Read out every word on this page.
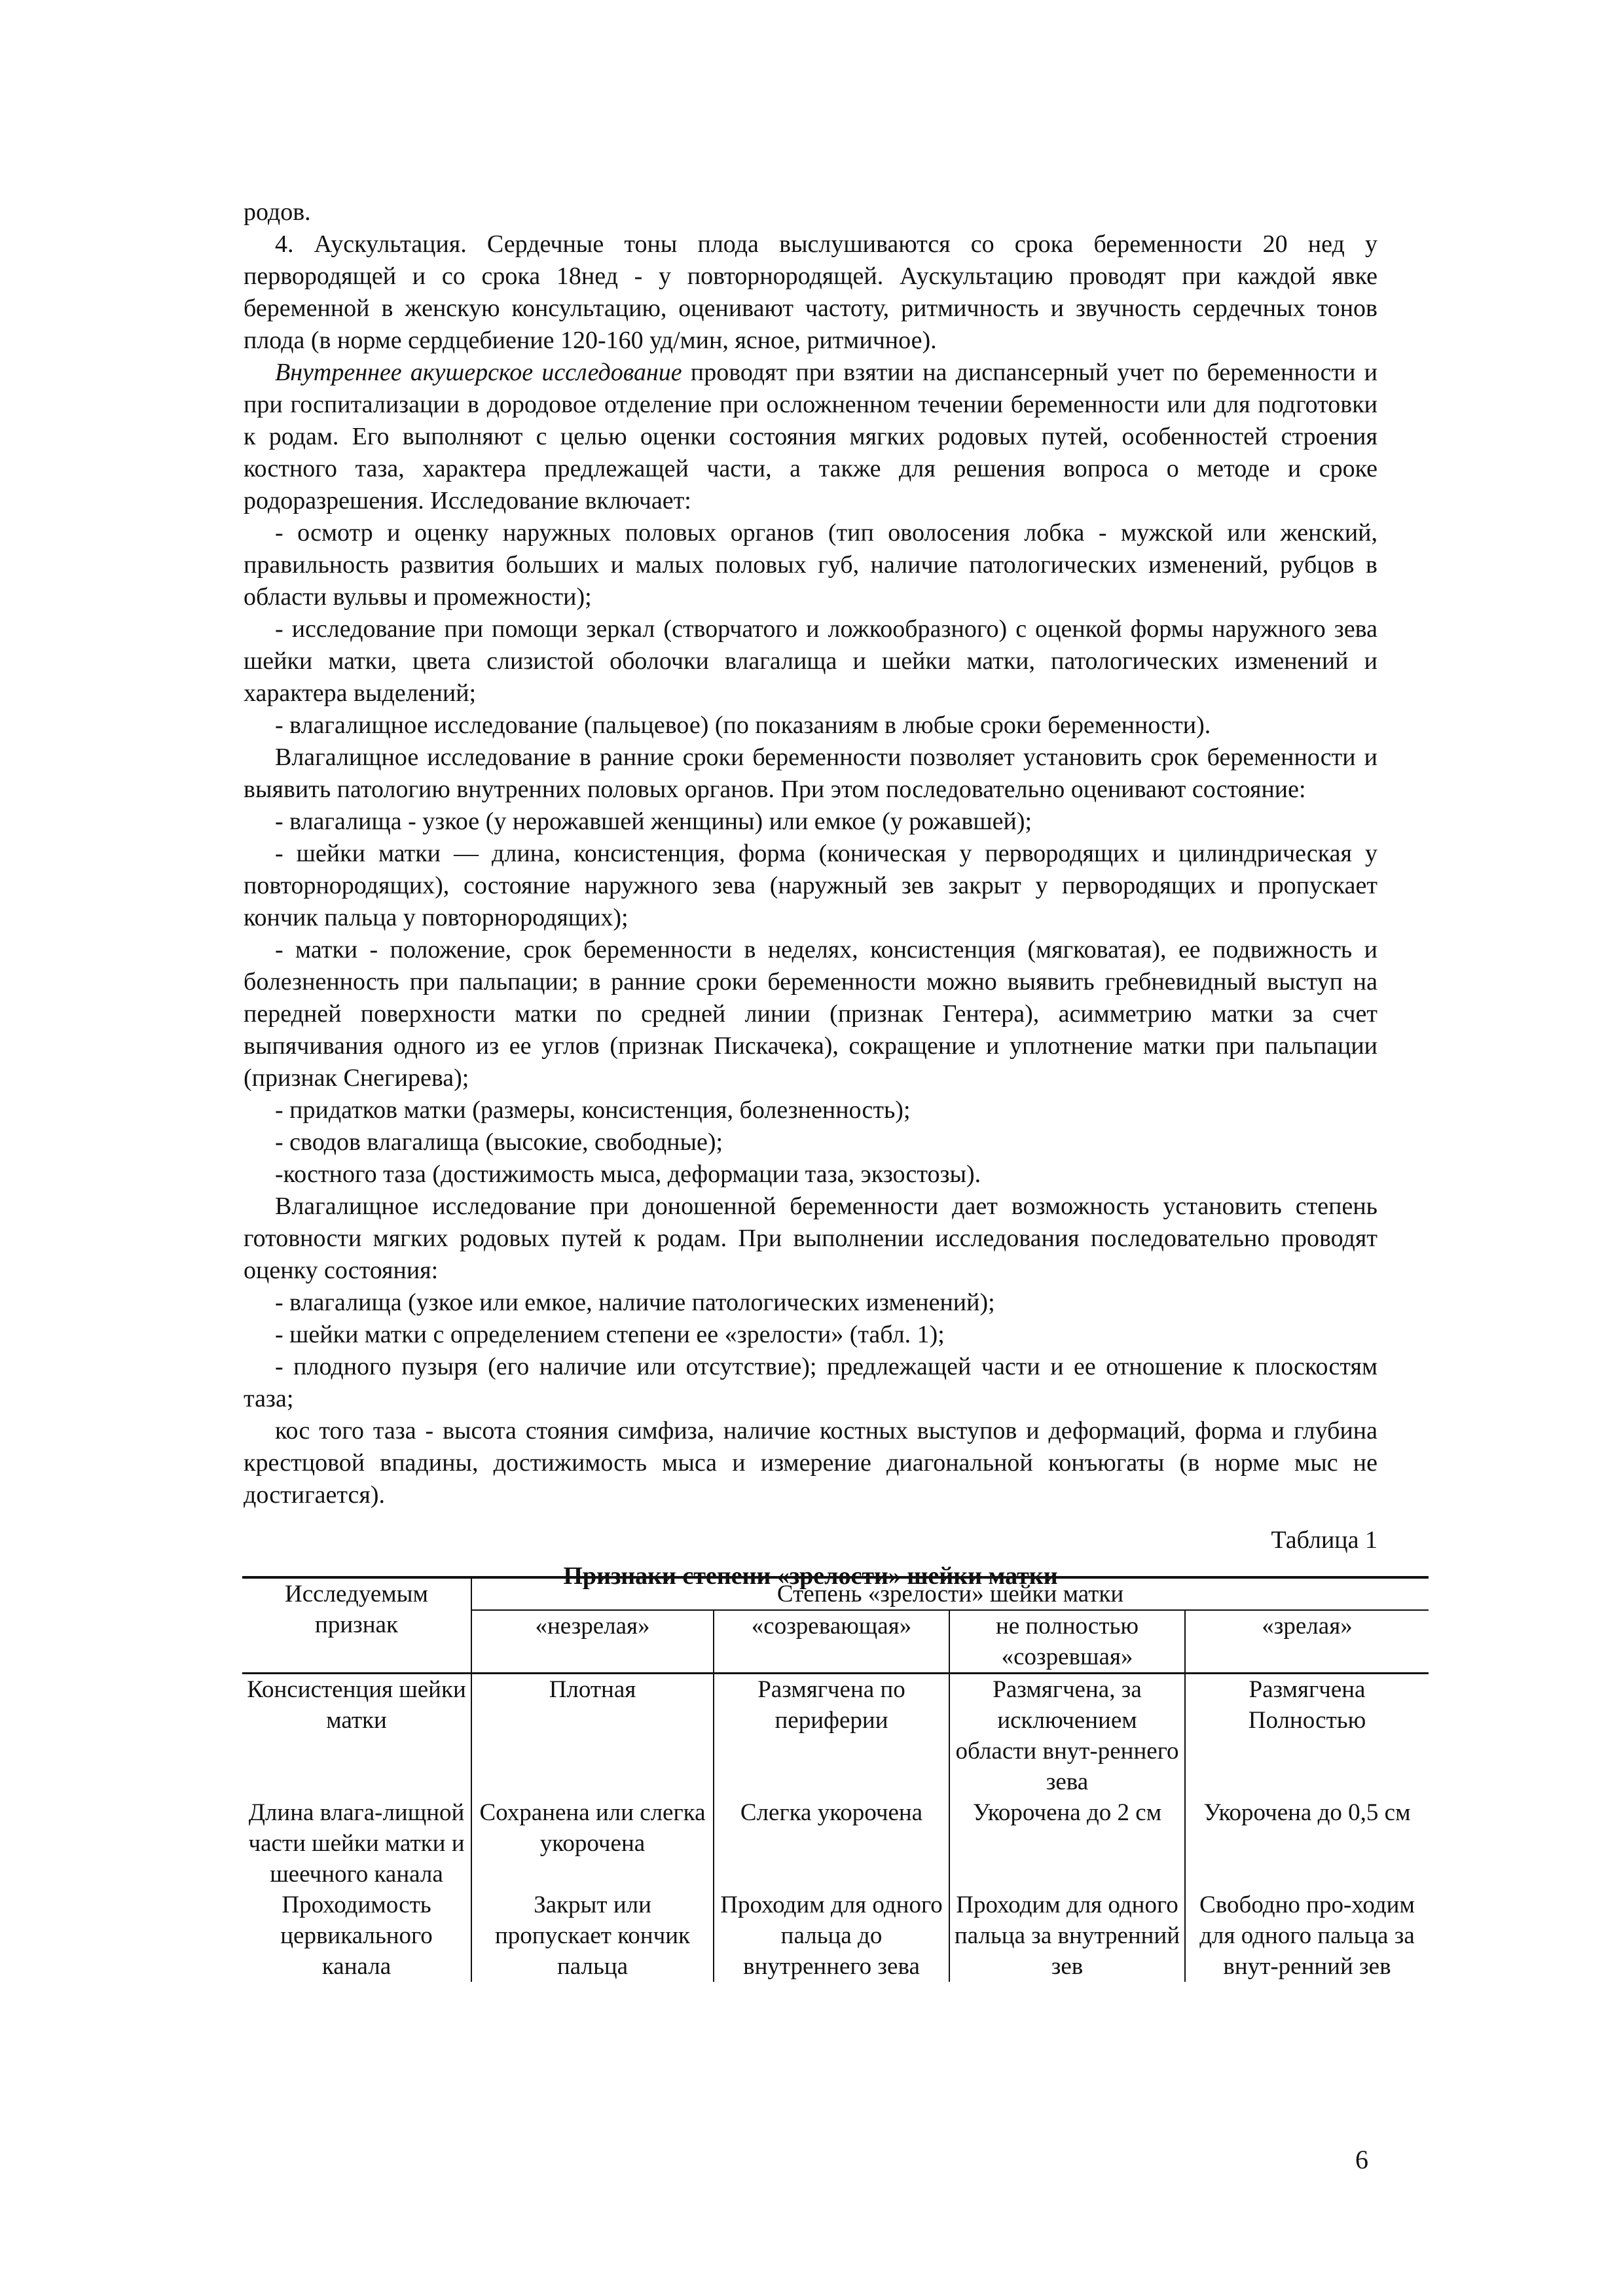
родов.

4. Аускультация. Сердечные тоны плода выслушиваются со срока беременности 20 нед у первородящей и со срока 18нед - у повторнородящей. Аускультацию проводят при каждой явке беременной в женскую консультацию, оценивают частоту, ритмичность и звучность сердечных тонов плода (в норме сердцебиение 120-160 уд/мин, ясное, ритмичное).

Внутреннее акушерское исследование проводят при взятии на диспансерный учет по беременности и при госпитализации в дородовое отделение при осложненном течении беременности или для подготовки к родам. Его выполняют с целью оценки состояния мягких родовых путей, особенностей строения костного таза, характера предлежащей части, а также для решения вопроса о методе и сроке родоразрешения. Исследование включает:

- осмотр и оценку наружных половых органов (тип оволосения лобка - мужской или женский, правильность развития больших и малых половых губ, наличие патологических изменений, рубцов в области вульвы и промежности);

- исследование при помощи зеркал (створчатого и ложкообразного) с оценкой формы наружного зева шейки матки, цвета слизистой оболочки влагалища и шейки матки, патологических изменений и характера выделений;

- влагалищное исследование (пальцевое) (по показаниям в любые сроки беременности).

Влагалищное исследование в ранние сроки беременности позволяет установить срок беременности и выявить патологию внутренних половых органов. При этом последовательно оценивают состояние:

- влагалища - узкое (у нерожавшей женщины) или емкое (у рожавшей);

- шейки матки — длина, консистенция, форма (коническая у первородящих и цилиндрическая у повторнородящих), состояние наружного зева (наружный зев закрыт у первородящих и пропускает кончик пальца у повторнородящих);

- матки - положение, срок беременности в неделях, консистенция (мягковатая), ее подвижность и болезненность при пальпации; в ранние сроки беременности можно выявить гребневидный выступ на передней поверхности матки по средней линии (признак Гентера), асимметрию матки за счет выпячивания одного из ее углов (признак Пискачека), сокращение и уплотнение матки при пальпации (признак Снегирева);

- придатков матки (размеры, консистенция, болезненность);

- сводов влагалища (высокие, свободные);

-костного таза (достижимость мыса, деформации таза, экзостозы).

Влагалищное исследование при доношенной беременности дает возможность установить степень готовности мягких родовых путей к родам. При выполнении исследования последовательно проводят оценку состояния:

- влагалища (узкое или емкое, наличие патологических изменений);

- шейки матки с определением степени ее «зрелости» (табл. 1);

- плодного пузыря (его наличие или отсутствие); предлежащей части и ее отношение к плоскостям таза;

кос того таза - высота стояния симфиза, наличие костных выступов и деформаций, форма и глубина крестцовой впадины, достижимость мыса и измерение диагональной конъюгаты (в норме мыс не достигается).

Таблица 1
Признаки степени «зрелости» шейки матки
Исследуемым признак	Степень «зрелости» шейки матки			
	«незрелая»	«созревающая»	не полностью «созревшая»	«зрелая»
Консистенция шейки матки	Плотная	Размягчена по периферии	Размягчена, за исключением области внут-реннего зева	Размягчена Полностью
Длина влага-лищной части шейки матки и шеечного канала	Сохранена или слегка укорочена	Слегка укорочена	Укорочена до 2 см	Укорочена до 0,5 см
Проходимость цервикального канала	Закрыт или пропускает кончик пальца	Проходим для одного пальца до внутреннего зева	Проходим для одного пальца за внутренний зев	Свободно про-ходим для одного пальца за внут-ренний зев
6
